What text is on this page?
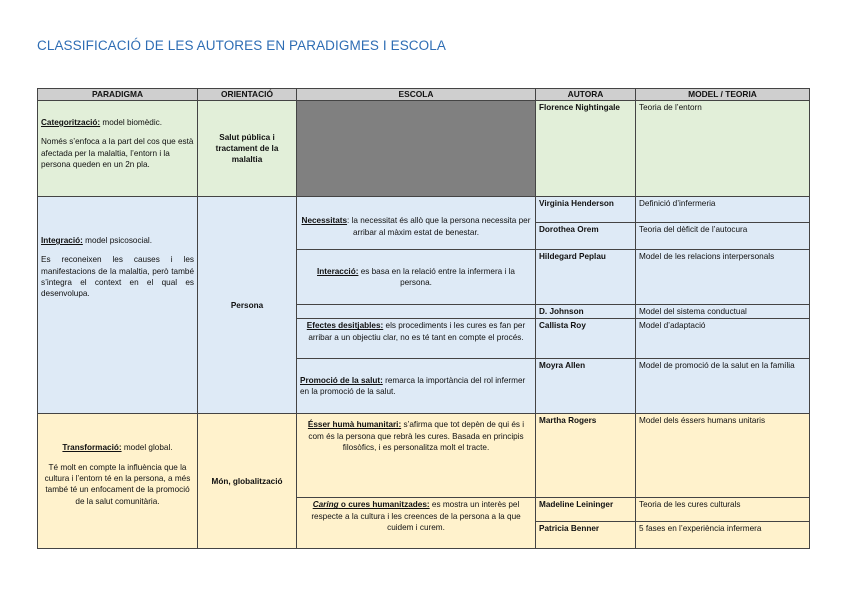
CLASSIFICACIÓ DE LES AUTORES EN PARADIGMES I ESCOLA
PARADIGMA	ORIENTACIÓ	ESCOLA	AUTORA	MODEL / TEORIA

Categorització: model biomèdic.

Només s’enfoca a la part del cos que està afectada per la malaltia, l’entorn i la persona queden en un 2n pla.	Salut pública i tractament de la malaltia		Florence Nightingale	Teoria de l’entorn

Integració: model psicosocial.

Es reconeixen les causes i les manifestacions de la malaltia, però també s’integra el context en el qual es desenvolupa.	Persona	Necessitats: la necessitat és allò que la persona necessita per arribar al màxim estat de benestar.	Virginia Henderson	Definició d’infermeria
			Dorothea Orem	Teoria del dèficit de l’autocura
		Interacció: es basa en la relació entre la infermera i la persona.	Hildegard Peplau	Model de les relacions interpersonals
			D. Johnson	Model del sistema conductual
		Efectes desitjables: els procediments i les cures es fan per arribar a un objectiu clar, no es té tant en compte el procés.	Callista Roy	Model d’adaptació
		Promoció de la salut: remarca la importància del rol infermer en la promoció de la salut.	Moyra Allen	Model de promoció de la salut en la família

Transformació: model global.

Té molt en compte la influència que la cultura i l’entorn té en la persona, a més també té un enfocament de la promoció de la salut comunitària.	Món, globalització	Ésser humà humanitari: s’afirma que tot depèn de qui és i com és la persona que rebrà les cures. Basada en principis filosòfics, i es personalitza molt el tracte.	Martha Rogers	Model dels éssers humans unitaris
		Caring o cures humanitzades: es mostra un interès pel respecte a la cultura i les creences de la persona a la que cuidem i curem.	Madeline Leininger	Teoria de les cures culturals
			Patricia Benner	5 fases en l’experiència infermera
